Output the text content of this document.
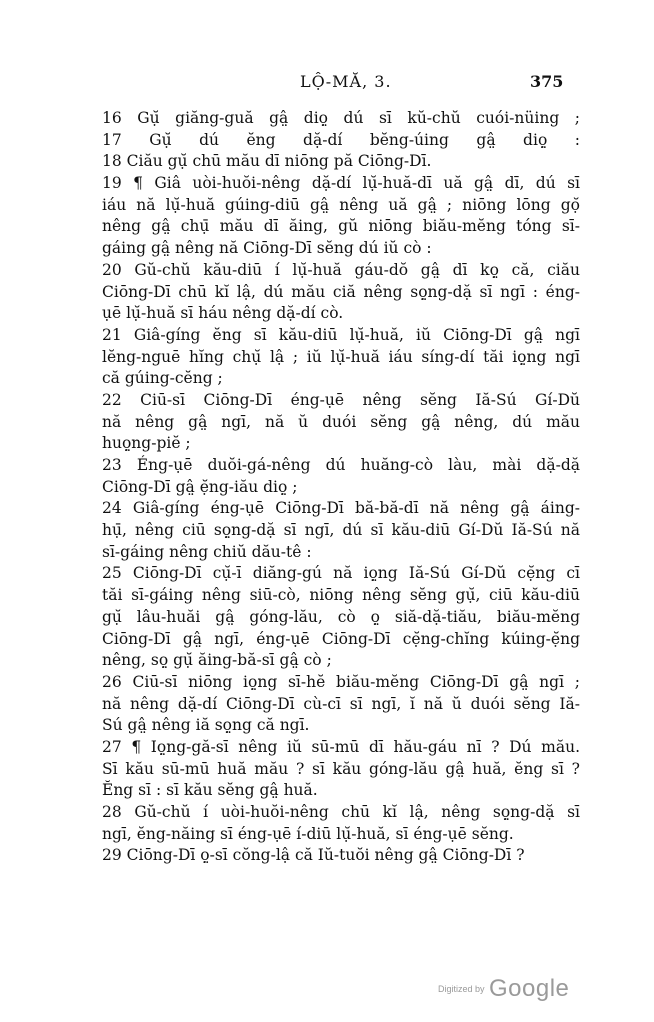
LỘ-MĂ, 3.	375
16 Gụ̆ giăng-guă gâ̤ diọ̤ dú sī kŭ-chŭ cuói-nüing ;
17 Gụ̆ dú ĕng dặ-dí bĕng-úing gâ̤ diọ̤ :
18 Ciău gụ̆ chū mău dī niōng pă Ciōng-Dī.
19 ¶ Giâ uòi-huŏi-nêng dặ-dí lụ̆-huă-dī uă gâ̤ dī, dú sī
iáu nă lụ̆-huă gúing-diū gâ̤ nêng uă gâ̤ ; niōng lōng gọ̆
nêng gâ̤ chụ̄ mău dī ăing, gŭ niōng biău-mĕng tóng sī-
gáing gâ̤ nêng nă Ciōng-Dī sĕng dú iŭ cò :
20 Gŭ-chŭ kău-diū í lụ̆-huă gáu-dŏ gâ̤ dī kọ̤ că, ciău
Ciōng-Dī chū kĭ lậ, dú mău ciă nêng sọ̤ng-dặ sī ngī : éng-
ụē lụ̆-huă sī háu nêng dặ-dí cò.
21 Giâ-gíng ĕng sī kău-diū lụ̆-huă, iŭ Ciōng-Dī gâ̤ ngī
lĕng-nguē hĭng chụ̆ lậ ; iŭ lụ̆-huă iáu síng-dí tăi iọ̤ng ngī
că gúing-cĕng ;
22 Ciū-sī Ciōng-Dī éng-ụē nêng sĕng Iă-Sú Gí-Dŭ
nă nêng gâ̤ ngī, nă ŭ duói sĕng gâ̤ nêng, dú mău
huọ̤ng-piĕ ;
23 Éng-ụē duŏi-gá-nêng dú huăng-cò làu, mài dặ-dặ
Ciōng-Dī gâ̤ ẹ̆ng-iău diọ̤ ;
24 Giâ-gíng éng-ụē Ciōng-Dī bă-bă-dī nă nêng gâ̤ áing-
hụ̄, nêng ciū sọ̤ng-dặ sī ngī, dú sī kău-diū Gí-Dŭ Iă-Sú nă
sī-gáing nêng chiŭ dău-tê :
25 Ciōng-Dī cụ̆-ī diăng-gú nă iọ̤ng Iă-Sú Gí-Dŭ cẹ̆ng cī
tăi sī-gáing nêng siū-cò, niōng nêng sĕng gụ̆, ciū kău-diū
gụ̆ lâu-huăi gâ̤ góng-lău, cò ọ̤ siă-dặ-tiău, biău-mĕng
Ciōng-Dī gâ̤ ngī, éng-ụē Ciōng-Dī cẹ̆ng-chĭng kúing-ẹ̆ng
nêng, sọ̤ gụ̆ ăing-bă-sī gâ̤ cò ;
26 Ciū-sī niōng iọ̤ng sī-hĕ biău-mĕng Ciōng-Dī gâ̤ ngī ;
nă nêng dặ-dí Ciōng-Dī cù-cī sī ngī, ĭ nă ŭ duói sĕng Iă-
Sú gâ̤ nêng iă sọ̤ng că ngī.
27 ¶ Iọ̤ng-gă-sī nêng iŭ sū-mū dī hău-gáu nī ? Dú mău.
Sī kău sū-mū huă mău ? sī kău góng-lău gâ̤ huă, ĕng sī ?
Ĕng sī : sī kău sĕng gâ̤ huă.
28 Gŭ-chŭ í uòi-huŏi-nêng chū kĭ lậ, nêng sọ̤ng-dặ sī
ngī, ĕng-năing sī éng-ụē í-diū lụ̆-huă, sī éng-ụē sĕng.
29 Ciōng-Dī ọ̤-sī cŏng-lậ că Iŭ-tuŏi nêng gâ̤ Ciōng-Dī ?
Digitized by Google
